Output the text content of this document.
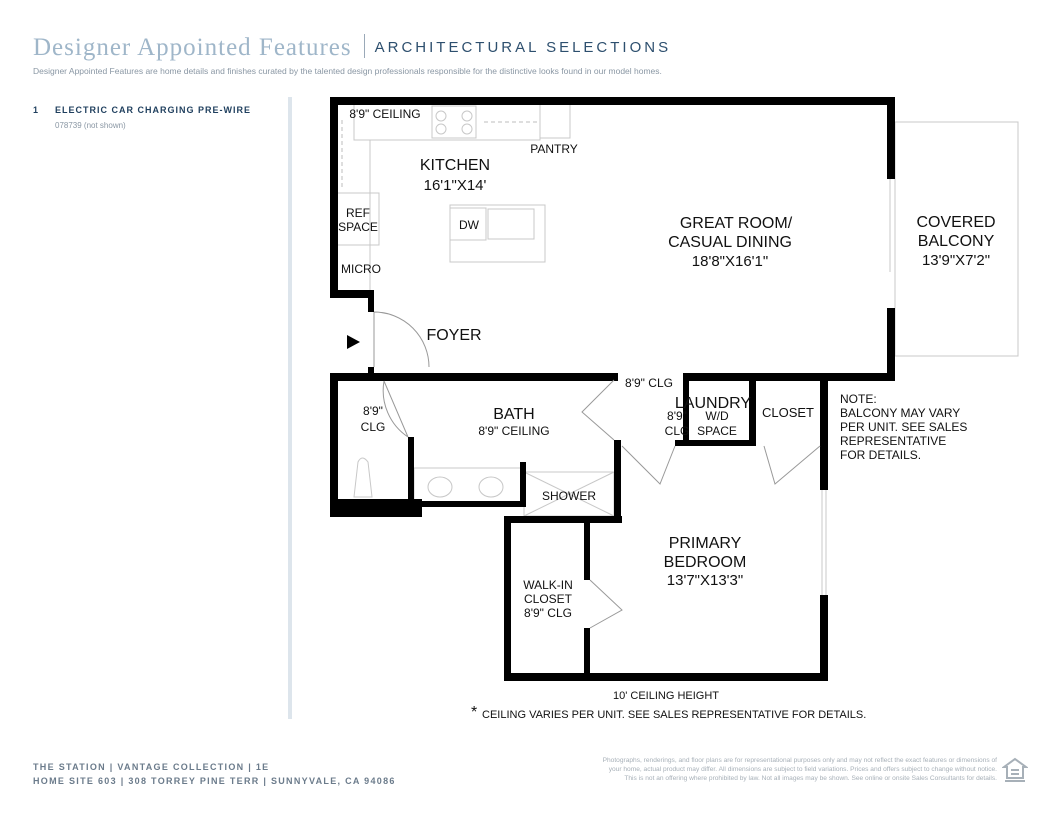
Designer Appointed Features ARCHITECTURAL SELECTIONS
Designer Appointed Features are home details and finishes curated by the talented design professionals responsible for the distinctive looks found in our model homes.
1 ELECTRIC CAR CHARGING PRE-WIRE
078739 (not shown)
8'9" CEILING
PANTRY
KITCHEN
16'1"X14'
REF
SPACE	DW
MICRO
GREAT ROOM/
CASUAL DINING
18'8"X16'1"
COVERED
BALCONY
13'9"X7'2"
FOYER
8'9" CLG
LAUNDRY
8'9"
CLG
W/D
SPACE
CLOSET
8'9"
CLG
BATH
8'9" CEILING
SHOWER
PRIMARY
BEDROOM
13'7"X13'3"
WALK-IN
CLOSET
8'9" CLG
10' CEILING HEIGHT
NOTE:
BALCONY MAY VARY
PER UNIT. SEE SALES
REPRESENTATIVE
FOR DETAILS.
* CEILING VARIES PER UNIT. SEE SALES REPRESENTATIVE FOR DETAILS.
THE STATION | VANTAGE COLLECTION | 1E
HOME SITE 603 | 308 TORREY PINE TERR | SUNNYVALE, CA 94086
Photographs, renderings, and floor plans are for representational purposes only and may not reflect the exact features or dimensions of
your home, actual product may differ. All dimensions are subject to field variations. Prices and offers subject to change without notice.
This is not an offering where prohibited by law. Not all images may be shown. See online or onsite Sales Consultants for details.
